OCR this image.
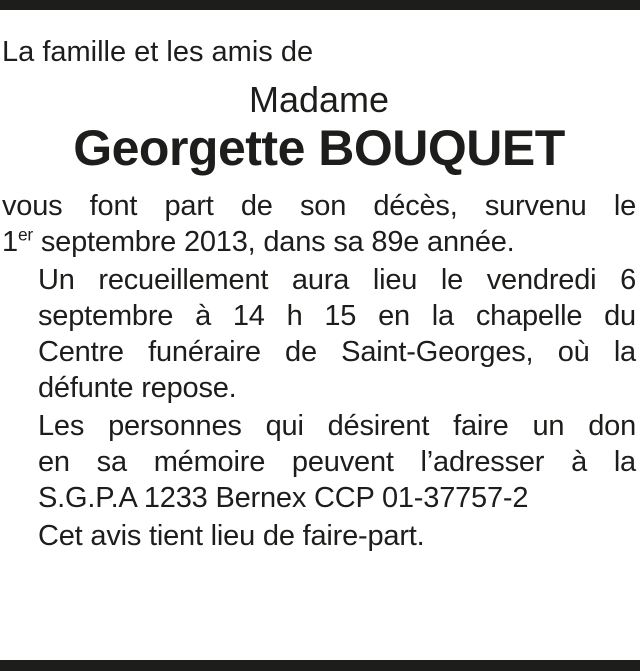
La famille et les amis de

Madame

Georgette BOUQUET

vous font part de son décès, survenu le
1er septembre 2013, dans sa 89e année.

Un recueillement aura lieu le vendredi 6
septembre à 14 h 15 en la chapelle du
Centre funéraire de Saint-Georges, où la
défunte repose.

Les personnes qui désirent faire un don
en sa mémoire peuvent l’adresser à la
S.G.P.A 1233 Bernex CCP 01-37757-2

Cet avis tient lieu de faire-part.
